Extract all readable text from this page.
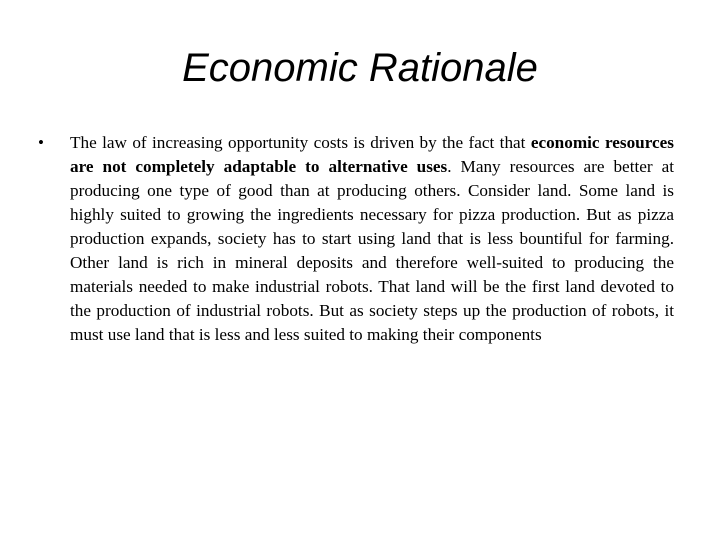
Economic Rationale
•	The law of increasing opportunity costs is driven by the fact that economic resources are not completely adaptable to alternative uses. Many resources are better at producing one type of good than at producing others. Consider land. Some land is highly suited to growing the ingredients necessary for pizza production. But as pizza production expands, society has to start using land that is less bountiful for farming. Other land is rich in mineral deposits and therefore well-suited to producing the materials needed to make industrial robots. That land will be the first land devoted to the production of industrial robots. But as society steps up the production of robots, it must use land that is less and less suited to making their components
